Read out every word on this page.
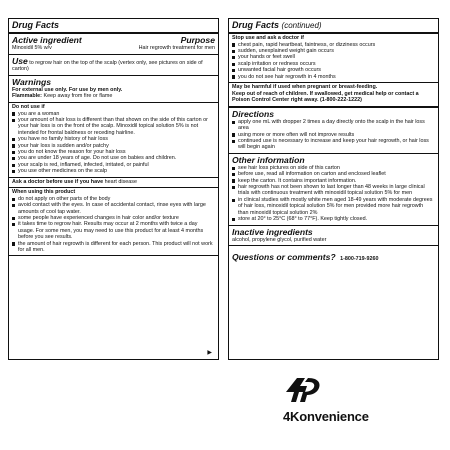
Drug Facts
Active ingredient	Purpose
Minoxidil 5% w/v	Hair regrowth treatment for men
Use to regrow hair on the top of the scalp (vertex only, see pictures on side of carton)
Warnings
For external use only. For use by men only.
Flammable: Keep away from fire or flame
Do not use if
you are a woman
your amount of hair loss is different than that shown on the side of this carton or your hair loss is on the front of the scalp. Minoxidil topical solution 5% is not intended for frontal baldness or receding hairline.
you have no family history of hair loss
your hair loss is sudden and/or patchy
you do not know the reason for your hair loss
you are under 18 years of age. Do not use on babies and children.
your scalp is red, inflamed, infected, irritated, or painful
you use other medicines on the scalp
Ask a doctor before use if you have heart disease
When using this product
do not apply on other parts of the body
avoid contact with the eyes. In case of accidental contact, rinse eyes with large amounts of cool tap water.
some people have experienced changes in hair color and/or texture
it takes time to regrow hair. Results may occur at 2 months with twice a day usage. For some men, you may need to use this product for at least 4 months before you see results.
the amount of hair regrowth is different for each person. This product will not work for all men.
▶
Drug Facts (continued)
Stop use and ask a doctor if
chest pain, rapid heartbeat, faintness, or dizziness occurs
sudden, unexplained weight gain occurs
your hands or feet swell
scalp irritation or redness occurs
unwanted facial hair growth occurs
you do not see hair regrowth in 4 months
May be harmful if used when pregnant or breast-feeding.
Keep out of reach of children. If swallowed, get medical help or contact a Poison Control Center right away. (1-800-222-1222)
Directions
apply one mL with dropper 2 times a day directly onto the scalp in the hair loss area
using more or more often will not improve results
continued use is necessary to increase and keep your hair regrowth, or hair loss will begin again
Other information
see hair loss pictures on side of this carton
before use, read all information on carton and enclosed leaflet
keep the carton. It contains important information.
hair regrowth has not been shown to last longer than 48 weeks in large clinical trials with continuous treatment with minoxidil topical solution 5% for men
in clinical studies with mostly white men aged 18-49 years with moderate degrees of hair loss, minoxidil topical solution 5% for men provided more hair regrowth than minoxidil topical solution 2%
store at 20° to 25°C (68° to 77°F). Keep tightly closed.
Inactive ingredients
alcohol, propylene glycol, purified water
Questions or comments? 1-800-719-9260
4Konvenience
